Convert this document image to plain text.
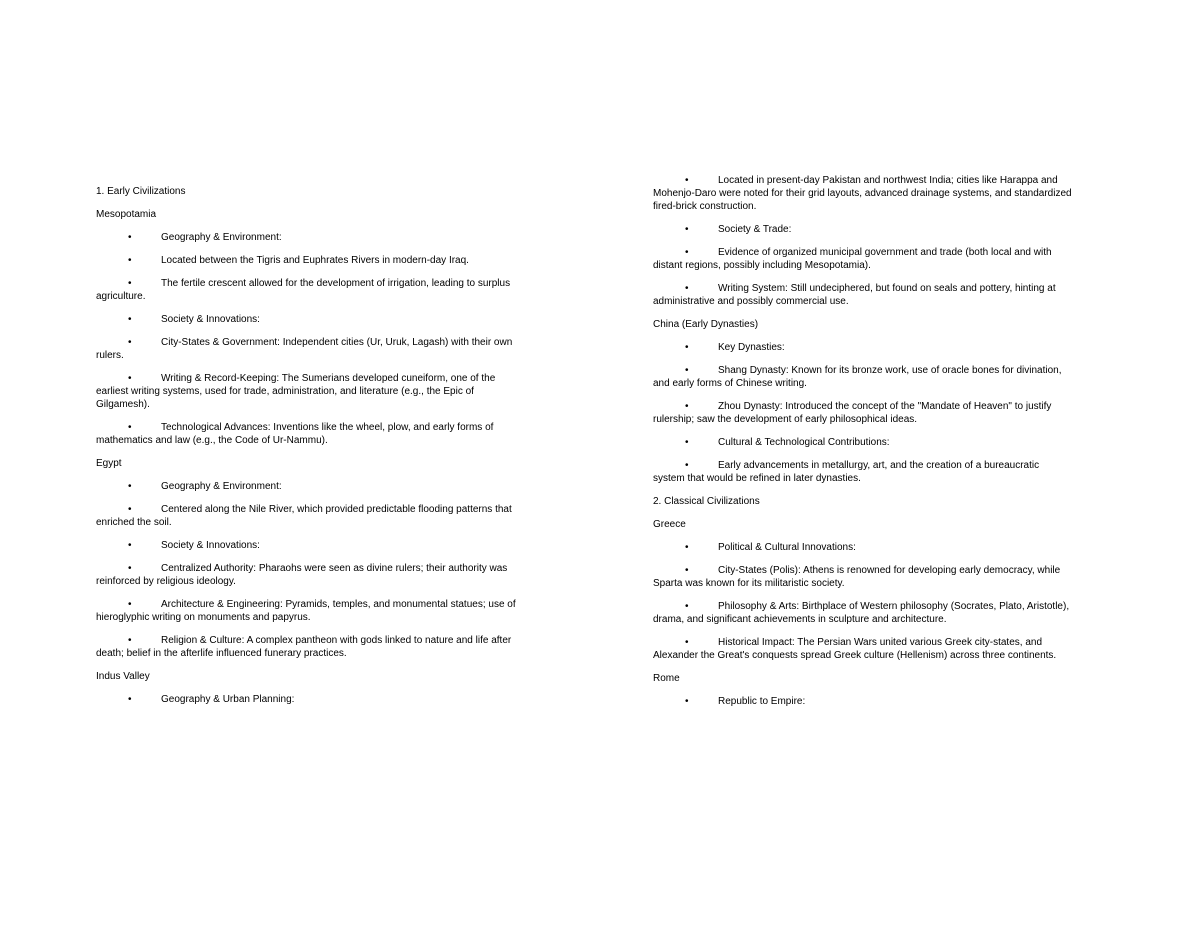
1. Early Civilizations

Mesopotamia

•	Geography & Environment:

•	Located between the Tigris and Euphrates Rivers in modern-day Iraq.

•	The fertile crescent allowed for the development of irrigation, leading to surplus agriculture.

•	Society & Innovations:

•	City-States & Government: Independent cities (Ur, Uruk, Lagash) with their own rulers.

•	Writing & Record-Keeping: The Sumerians developed cuneiform, one of the earliest writing systems, used for trade, administration, and literature (e.g., the Epic of Gilgamesh).

•	Technological Advances: Inventions like the wheel, plow, and early forms of mathematics and law (e.g., the Code of Ur-Nammu).

Egypt

•	Geography & Environment:

•	Centered along the Nile River, which provided predictable flooding patterns that enriched the soil.

•	Society & Innovations:

•	Centralized Authority: Pharaohs were seen as divine rulers; their authority was reinforced by religious ideology.

•	Architecture & Engineering: Pyramids, temples, and monumental statues; use of hieroglyphic writing on monuments and papyrus.

•	Religion & Culture: A complex pantheon with gods linked to nature and life after death; belief in the afterlife influenced funerary practices.

Indus Valley

•	Geography & Urban Planning:

•	Located in present-day Pakistan and northwest India; cities like Harappa and Mohenjo-Daro were noted for their grid layouts, advanced drainage systems, and standardized fired-brick construction.

•	Society & Trade:

•	Evidence of organized municipal government and trade (both local and with distant regions, possibly including Mesopotamia).

•	Writing System: Still undeciphered, but found on seals and pottery, hinting at administrative and possibly commercial use.

China (Early Dynasties)

•	Key Dynasties:

•	Shang Dynasty: Known for its bronze work, use of oracle bones for divination, and early forms of Chinese writing.

•	Zhou Dynasty: Introduced the concept of the "Mandate of Heaven" to justify rulership; saw the development of early philosophical ideas.

•	Cultural & Technological Contributions:

•	Early advancements in metallurgy, art, and the creation of a bureaucratic system that would be refined in later dynasties.

2. Classical Civilizations

Greece

•	Political & Cultural Innovations:

•	City-States (Polis): Athens is renowned for developing early democracy, while Sparta was known for its militaristic society.

•	Philosophy & Arts: Birthplace of Western philosophy (Socrates, Plato, Aristotle), drama, and significant achievements in sculpture and architecture.

•	Historical Impact: The Persian Wars united various Greek city-states, and Alexander the Great's conquests spread Greek culture (Hellenism) across three continents.

Rome

•	Republic to Empire:
